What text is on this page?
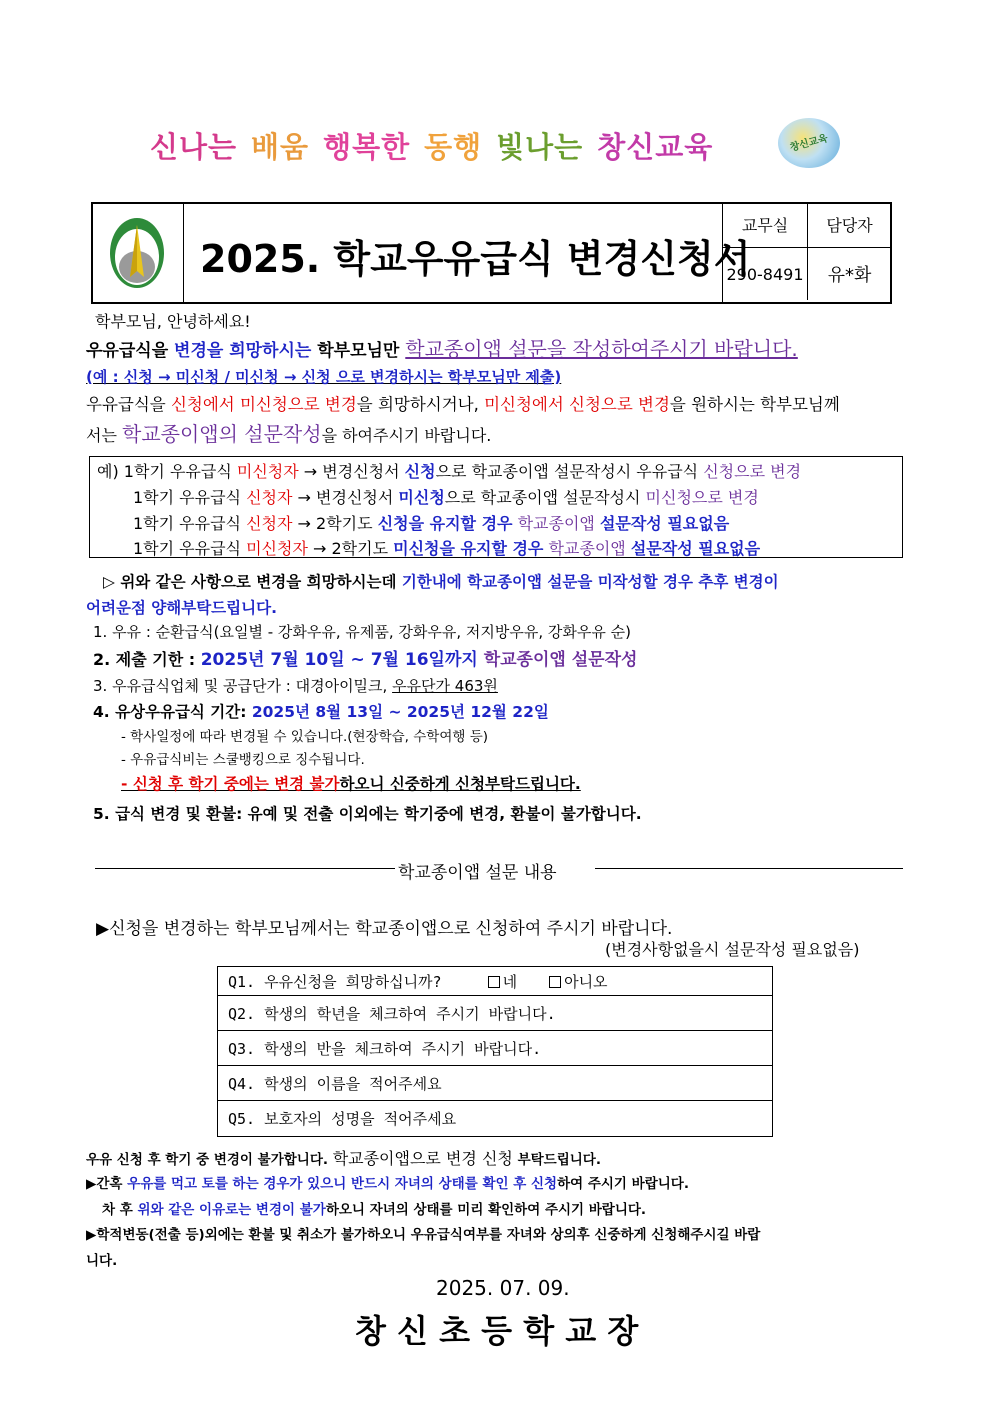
신나는 배움 행복한 동행 빛나는 창신교육	창신교육
2025. 학교우유급식 변경신청서
교무실	담당자
290-8491	유*화
학부모님, 안녕하세요!
우유급식을 변경을 희망하시는 학부모님만 학교종이앱 설문을 작성하여주시기 바랍니다.
(예 : 신청 → 미신청 / 미신청 → 신청 으로 변경하시는 학부모님만 제출)
우유급식을 신청에서 미신청으로 변경을 희망하시거나, 미신청에서 신청으로 변경을 원하시는 학부모님께
서는 학교종이앱의 설문작성을 하여주시기 바랍니다.
예) 1학기 우유급식 미신청자 → 변경신청서 신청으로 학교종이앱 설문작성시 우유급식 신청으로 변경
1학기 우유급식 신청자 → 변경신청서 미신청으로 학교종이앱 설문작성시 미신청으로 변경
1학기 우유급식 신청자 → 2학기도 신청을 유지할 경우 학교종이앱 설문작성 필요없음
1학기 우유급식 미신청자 → 2학기도 미신청을 유지할 경우 학교종이앱 설문작성 필요없음
▷ 위와 같은 사항으로 변경을 희망하시는데 기한내에 학교종이앱 설문을 미작성할 경우 추후 변경이
어려운점 양해부탁드립니다.
1. 우유 : 순환급식(요일별 - 강화우유, 유제품, 강화우유, 저지방우유, 강화우유 순)
2. 제출 기한 : 2025년 7월 10일 ~ 7월 16일까지 학교종이앱 설문작성
3. 우유급식업체 및 공급단가 : 대경아이밀크, 우유단가 463원
4. 유상우유급식 기간: 2025년 8월 13일 ~ 2025년 12월 22일
- 학사일정에 따라 변경될 수 있습니다.(현장학습, 수학여행 등)
- 우유급식비는 스쿨뱅킹으로 징수됩니다.
- 신청 후 학기 중에는 변경 불가하오니 신중하게 신청부탁드립니다.
5. 급식 변경 및 환불: 유예 및 전출 이외에는 학기중에 변경, 환불이 불가합니다.
학교종이앱 설문 내용
▶신청을 변경하는 학부모님께서는 학교종이앱으로 신청하여 주시기 바랍니다.
(변경사항없을시 설문작성 필요없음)
Q1. 우유신청을 희망하십니까?	네	아니오
Q2. 학생의 학년을 체크하여 주시기 바랍니다.
Q3. 학생의 반을 체크하여 주시기 바랍니다.
Q4. 학생의 이름을 적어주세요
Q5. 보호자의 성명을 적어주세요
우유 신청 후 학기 중 변경이 불가합니다. 학교종이앱으로 변경 신청 부탁드립니다.
▶간혹 우유를 먹고 토를 하는 경우가 있으니 반드시 자녀의 상태를 확인 후 신청하여 주시기 바랍니다.
차 후 위와 같은 이유로는 변경이 불가하오니 자녀의 상태를 미리 확인하여 주시기 바랍니다.
▶학적변동(전출 등)외에는 환불 및 취소가 불가하오니 우유급식여부를 자녀와 상의후 신중하게 신청해주시길 바랍
니다.
2025. 07. 09.
창 신 초 등 학 교 장
